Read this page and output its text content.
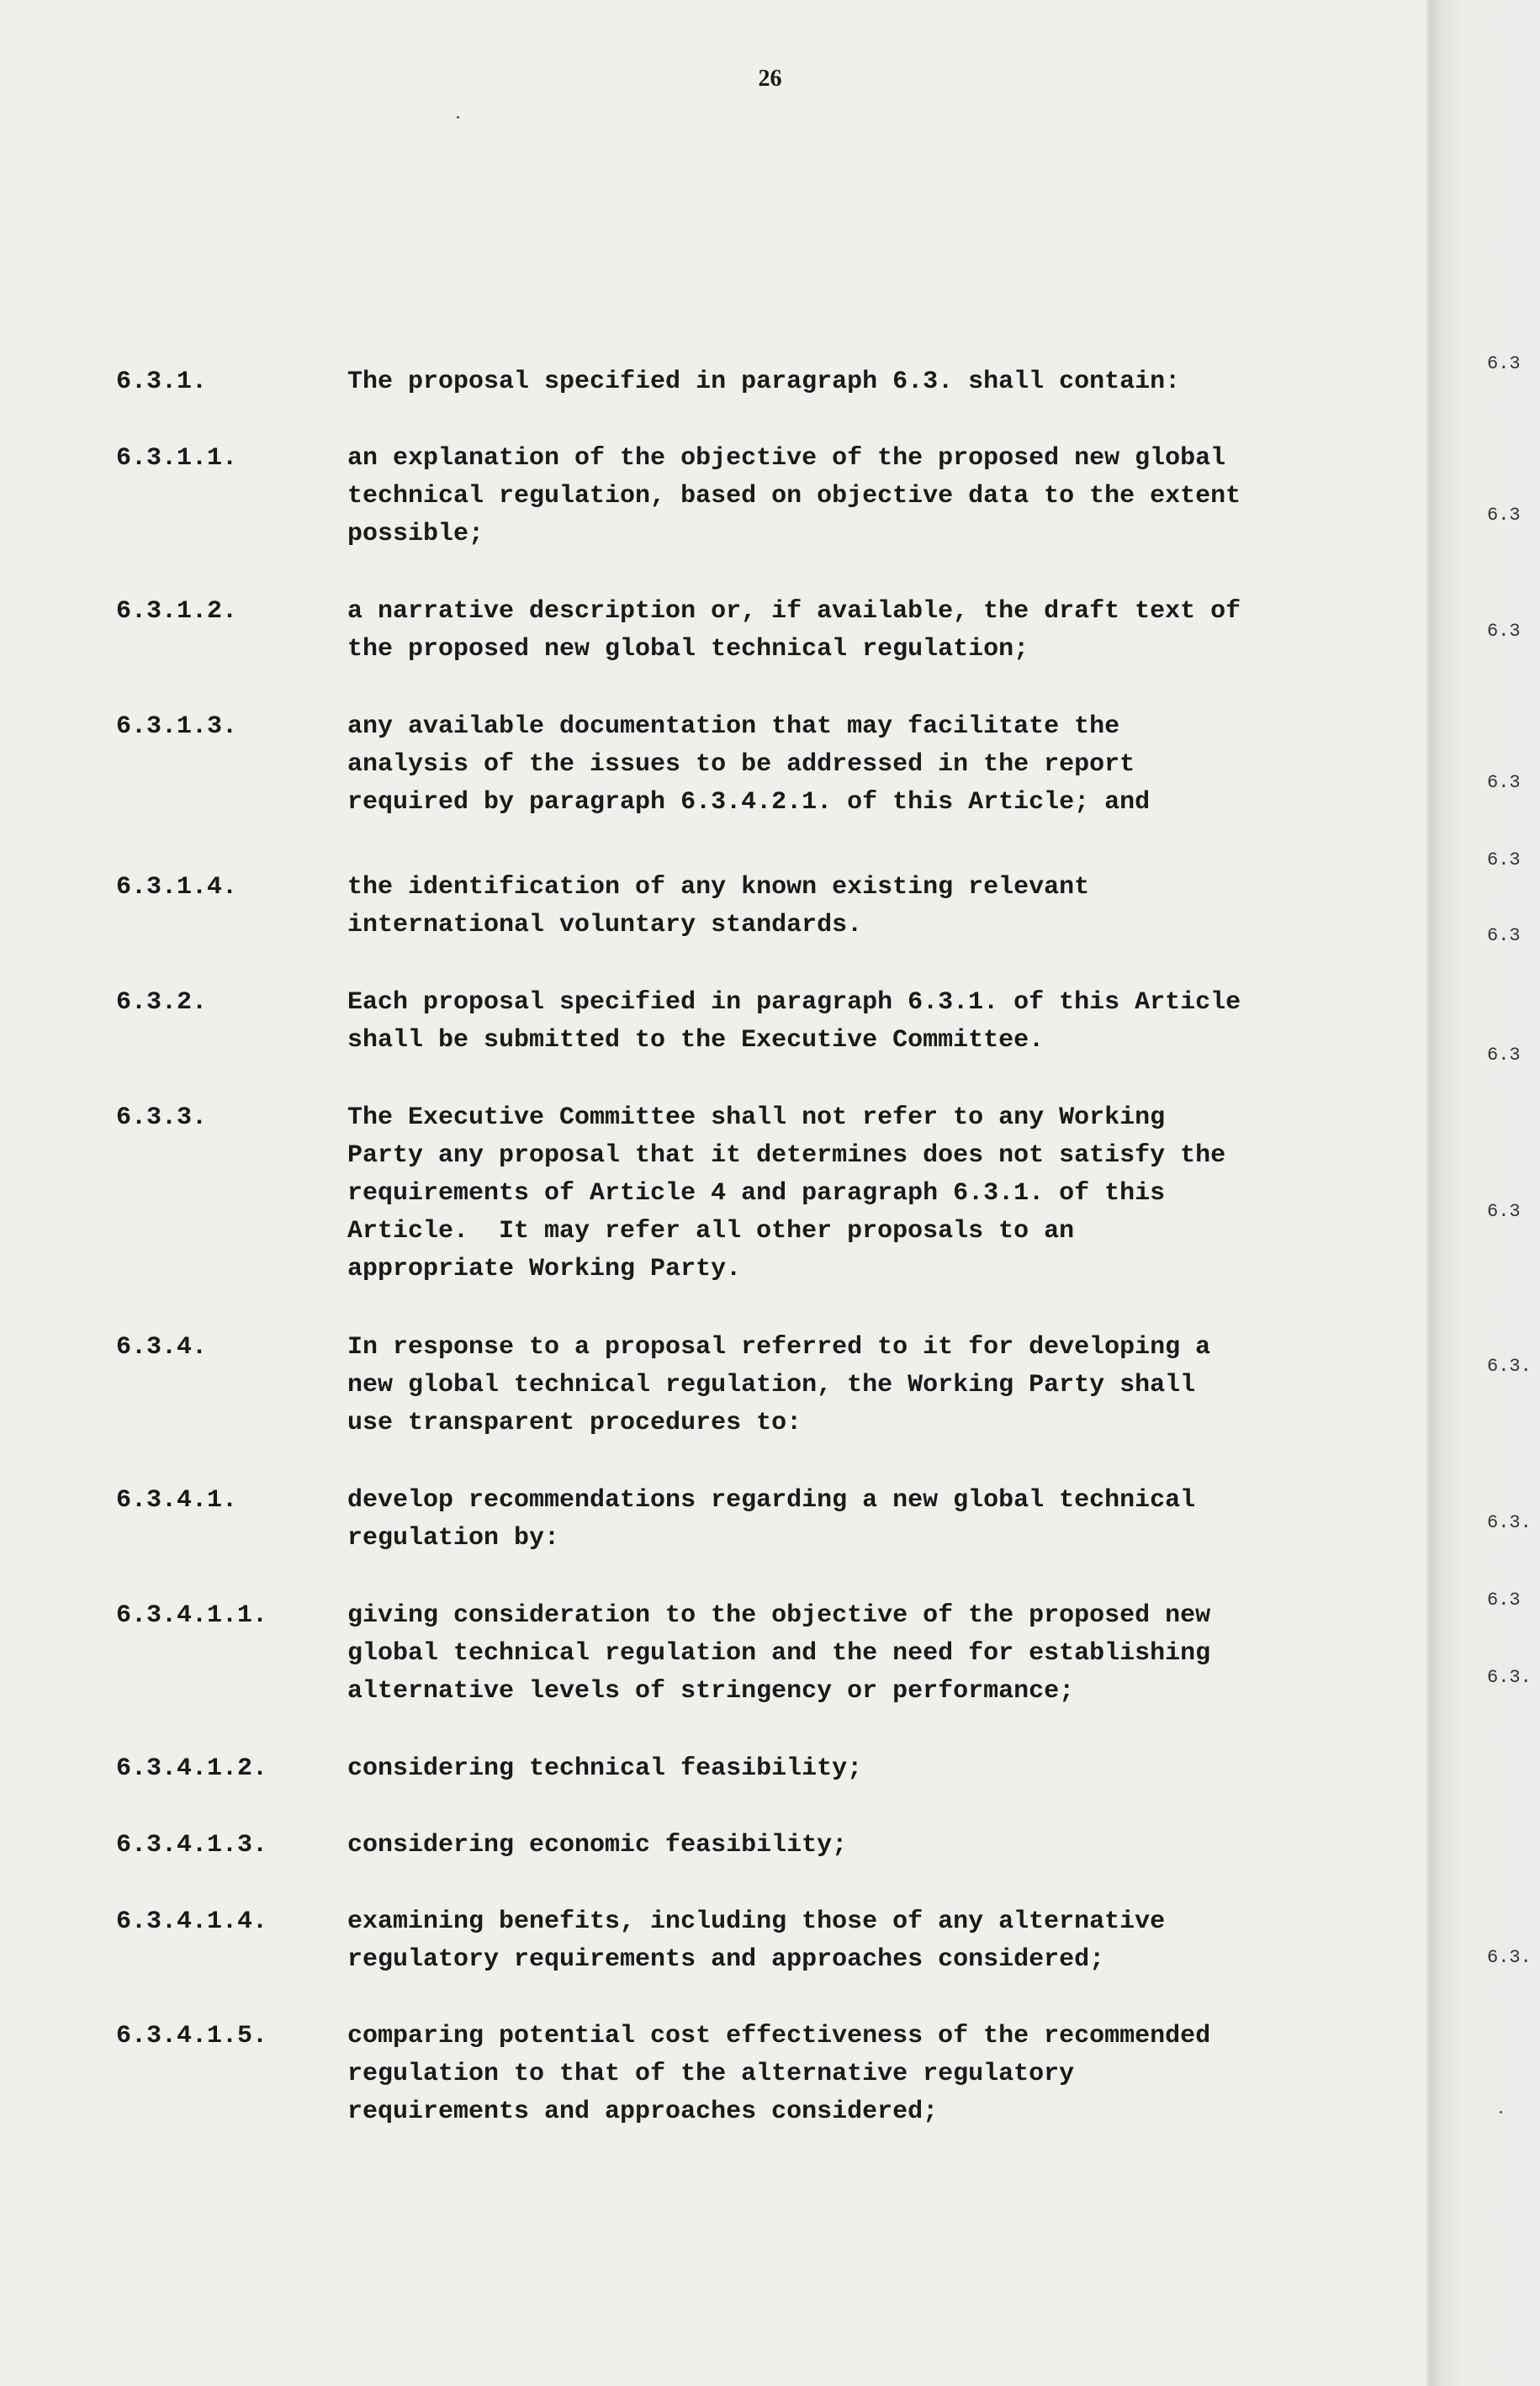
26
6.3.1.	The proposal specified in paragraph 6.3. shall contain:
6.3.1.1.	an explanation of the objective of the proposed new global
technical regulation, based on objective data to the extent
possible;
6.3.1.2.	a narrative description or, if available, the draft text of
the proposed new global technical regulation;
6.3.1.3.	any available documentation that may facilitate the
analysis of the issues to be addressed in the report
required by paragraph 6.3.4.2.1. of this Article; and
6.3.1.4.	the identification of any known existing relevant
international voluntary standards.
6.3.2.	Each proposal specified in paragraph 6.3.1. of this Article
shall be submitted to the Executive Committee.
6.3.3.	The Executive Committee shall not refer to any Working
Party any proposal that it determines does not satisfy the
requirements of Article 4 and paragraph 6.3.1. of this
Article.  It may refer all other proposals to an
appropriate Working Party.
6.3.4.	In response to a proposal referred to it for developing a
new global technical regulation, the Working Party shall
use transparent procedures to:
6.3.4.1.	develop recommendations regarding a new global technical
regulation by:
6.3.4.1.1.	giving consideration to the objective of the proposed new
global technical regulation and the need for establishing
alternative levels of stringency or performance;
6.3.4.1.2.	considering technical feasibility;
6.3.4.1.3.	considering economic feasibility;
6.3.4.1.4.	examining benefits, including those of any alternative
regulatory requirements and approaches considered;
6.3.4.1.5.	comparing potential cost effectiveness of the recommended
regulation to that of the alternative regulatory
requirements and approaches considered;
6.3
6.3
6.3
6.3
6.3
6.3
6.3
6.3
6.3.
6.3.
6.3
6.3.
6.3.
